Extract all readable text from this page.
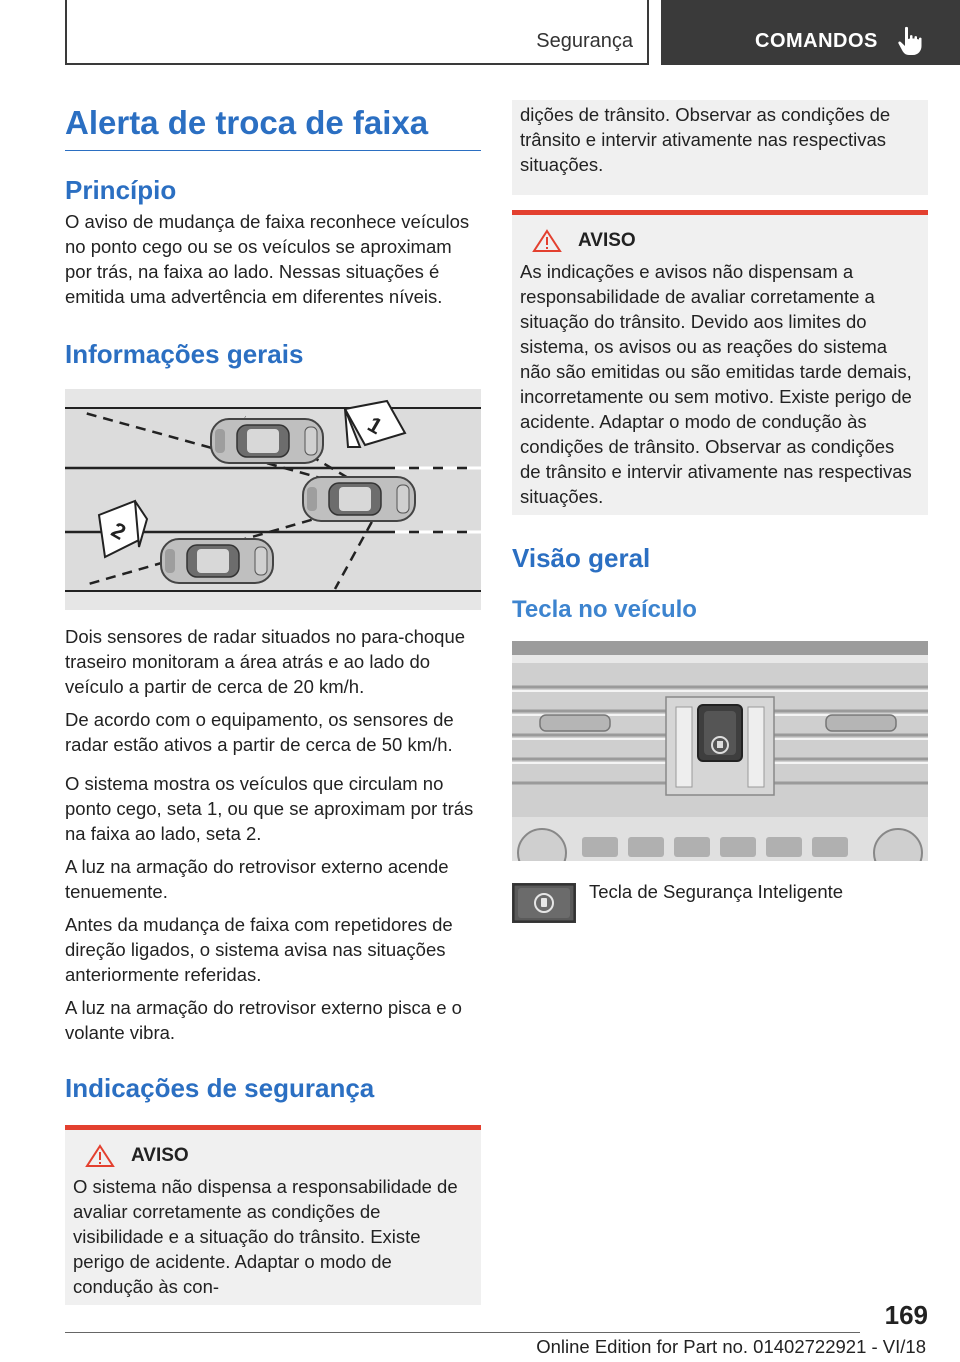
Segurança	COMANDOS
Alerta de troca de faixa
Princípio

O aviso de mudança de faixa reconhece veículos no ponto cego ou se os veículos se aproximam por trás, na faixa ao lado. Nessas situações é emitida uma advertência em diferentes níveis.

Informações gerais
1
2

Dois sensores de radar situados no para-choque traseiro monitoram a área atrás e ao lado do veículo a partir de cerca de 20 km/h.

De acordo com o equipamento, os sensores de radar estão ativos a partir de cerca de 50 km/h.

O sistema mostra os veículos que circulam no ponto cego, seta 1, ou que se aproximam por trás na faixa ao lado, seta 2.

A luz na armação do retrovisor externo acende tenuemente.

Antes da mudança de faixa com repetidores de direção ligados, o sistema avisa nas situações anteriormente referidas.

A luz na armação do retrovisor externo pisca e o volante vibra.

Indicações de segurança
AVISO

O sistema não dispensa a responsabilidade de avaliar corretamente as condições de visibilidade e a situação do trânsito. Existe perigo de acidente. Adaptar o modo de condução às con-

dições de trânsito. Observar as condições de trânsito e intervir ativamente nas respectivas situações.

AVISO

As indicações e avisos não dispensam a responsabilidade de avaliar corretamente a situação do trânsito. Devido aos limites do sistema, os avisos ou as reações do sistema não são emitidas ou são emitidas tarde demais, incorretamente ou sem motivo. Existe perigo de acidente. Adaptar o modo de condução às condições de trânsito. Observar as condições de trânsito e intervir ativamente nas respectivas situações.

Visão geral
Tecla no veículo
Tecla de Segurança Inteligente
169
Online Edition for Part no. 01402722921 - VI/18
